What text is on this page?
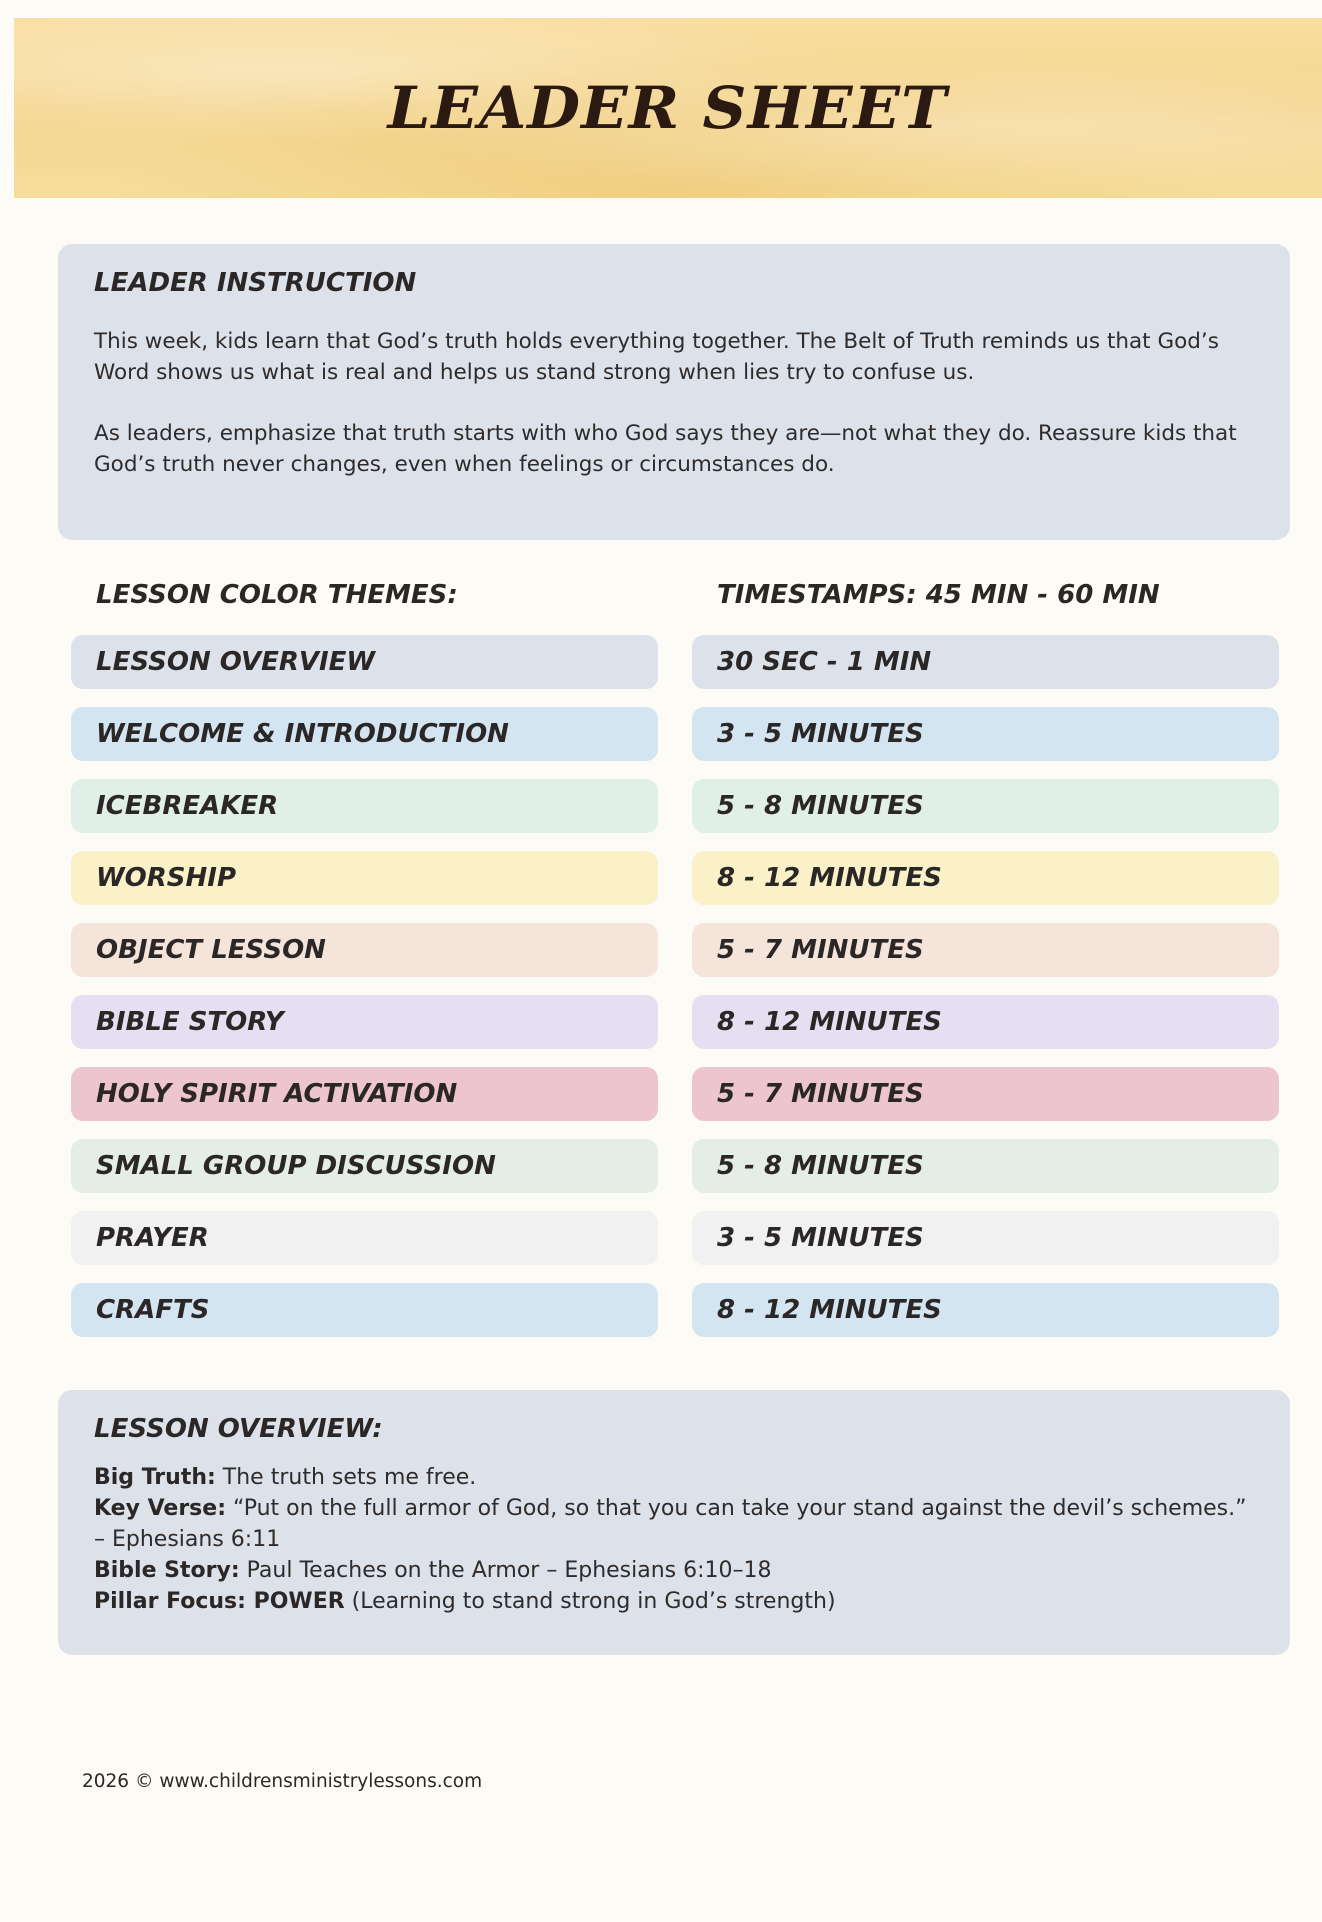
LEADER SHEET
LEADER INSTRUCTION

This week, kids learn that God’s truth holds everything together. The Belt of Truth reminds us that God’s Word shows us what is real and helps us stand strong when lies try to confuse us.

As leaders, emphasize that truth starts with who God says they are—not what they do. Reassure kids that God’s truth never changes, even when feelings or circumstances do.

LESSON COLOR THEMES:	TIMESTAMPS: 45 MIN - 60 MIN
LESSON OVERVIEW	30 SEC - 1 MIN
WELCOME & INTRODUCTION	3 - 5 MINUTES
ICEBREAKER	5 - 8 MINUTES
WORSHIP	8 - 12 MINUTES
OBJECT LESSON	5 - 7 MINUTES
BIBLE STORY	8 - 12 MINUTES
HOLY SPIRIT ACTIVATION	5 - 7 MINUTES
SMALL GROUP DISCUSSION	5 - 8 MINUTES
PRAYER	3 - 5 MINUTES
CRAFTS	8 - 12 MINUTES
LESSON OVERVIEW:

Big Truth: The truth sets me free.

Key Verse: “Put on the full armor of God, so that you can take your stand against the devil’s schemes.”

– Ephesians 6:11

Bible Story: Paul Teaches on the Armor – Ephesians 6:10–18

Pillar Focus: POWER (Learning to stand strong in God’s strength)

2026 © www.childrensministrylessons.com
